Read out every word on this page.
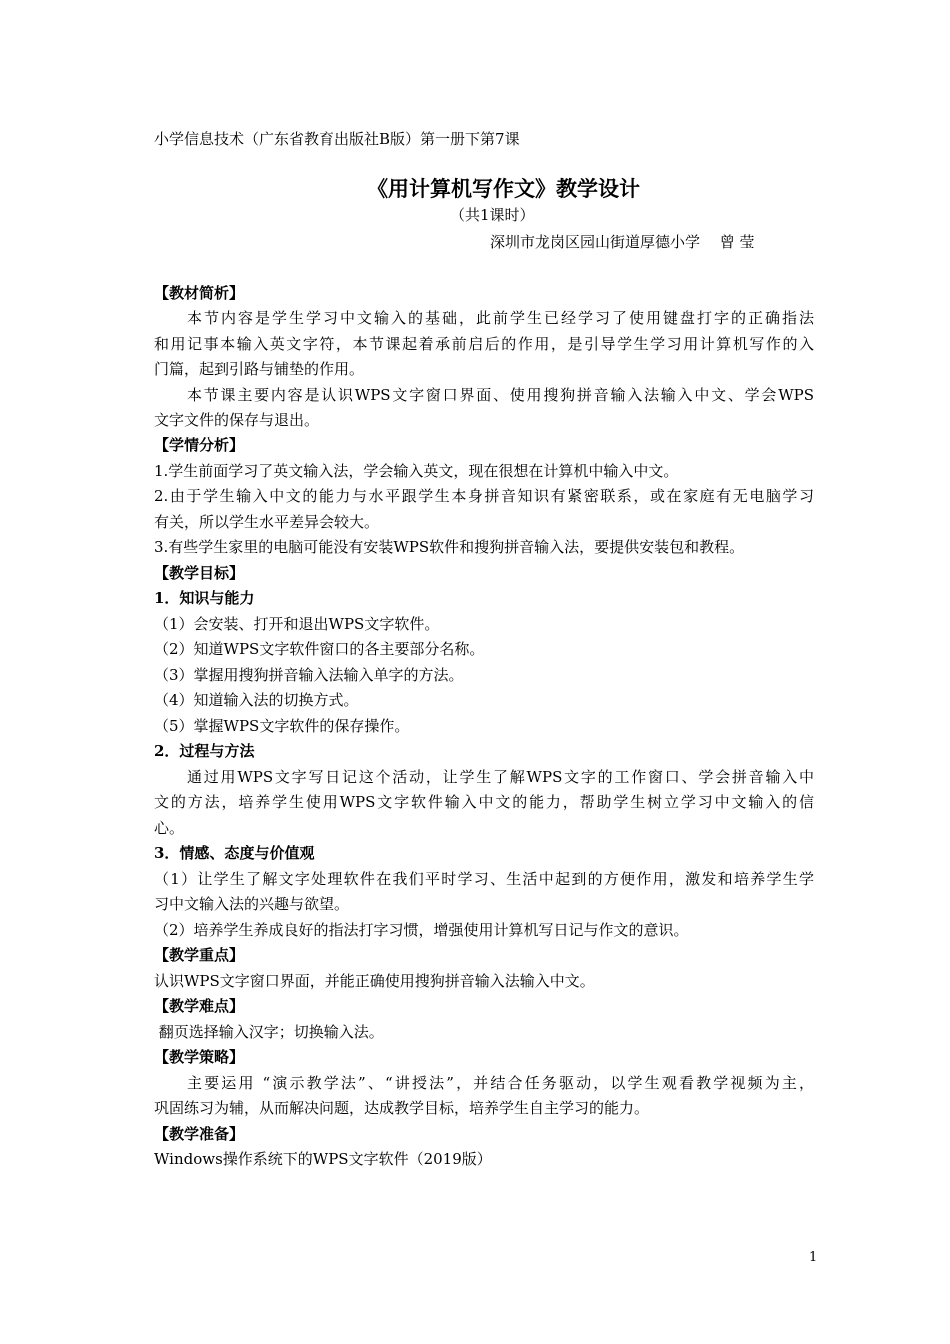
小学信息技术（广东省教育出版社B版）第一册下第7课
《用计算机写作文》教学设计
（共1课时）
深圳市龙岗区园山街道厚德小学　 曾 莹
【教材简析】
本节内容是学生学习中文输入的基础，此前学生已经学习了使用键盘打字的正确指法
和用记事本输入英文字符，本节课起着承前启后的作用，是引导学生学习用计算机写作的入
门篇，起到引路与铺垫的作用。
本节课主要内容是认识WPS文字窗口界面、使用搜狗拼音输入法输入中文、学会WPS
文字文件的保存与退出。
【学情分析】
1.学生前面学习了英文输入法，学会输入英文，现在很想在计算机中输入中文。
2.由于学生输入中文的能力与水平跟学生本身拼音知识有紧密联系，或在家庭有无电脑学习
有关，所以学生水平差异会较大。
3.有些学生家里的电脑可能没有安装WPS软件和搜狗拼音输入法，要提供安装包和教程。
【教学目标】
1．知识与能力
（1）会安装、打开和退出WPS文字软件。
（2）知道WPS文字软件窗口的各主要部分名称。
（3）掌握用搜狗拼音输入法输入单字的方法。
（4）知道输入法的切换方式。
（5）掌握WPS文字软件的保存操作。
2．过程与方法
通过用WPS文字写日记这个活动，让学生了解WPS文字的工作窗口、学会拼音输入中
文的方法，培养学生使用WPS文字软件输入中文的能力，帮助学生树立学习中文输入的信
心。
3．情感、态度与价值观
（1）让学生了解文字处理软件在我们平时学习、生活中起到的方便作用，激发和培养学生学
习中文输入法的兴趣与欲望。
（2）培养学生养成良好的指法打字习惯，增强使用计算机写日记与作文的意识。
【教学重点】
认识WPS文字窗口界面，并能正确使用搜狗拼音输入法输入中文。
【教学难点】
翻页选择输入汉字；切换输入法。
【教学策略】
主要运用 “演示教学法”、“讲授法”，并结合任务驱动，以学生观看教学视频为主，
巩固练习为辅，从而解决问题，达成教学目标，培养学生自主学习的能力。
【教学准备】
Windows操作系统下的WPS文字软件（2019版）
1
